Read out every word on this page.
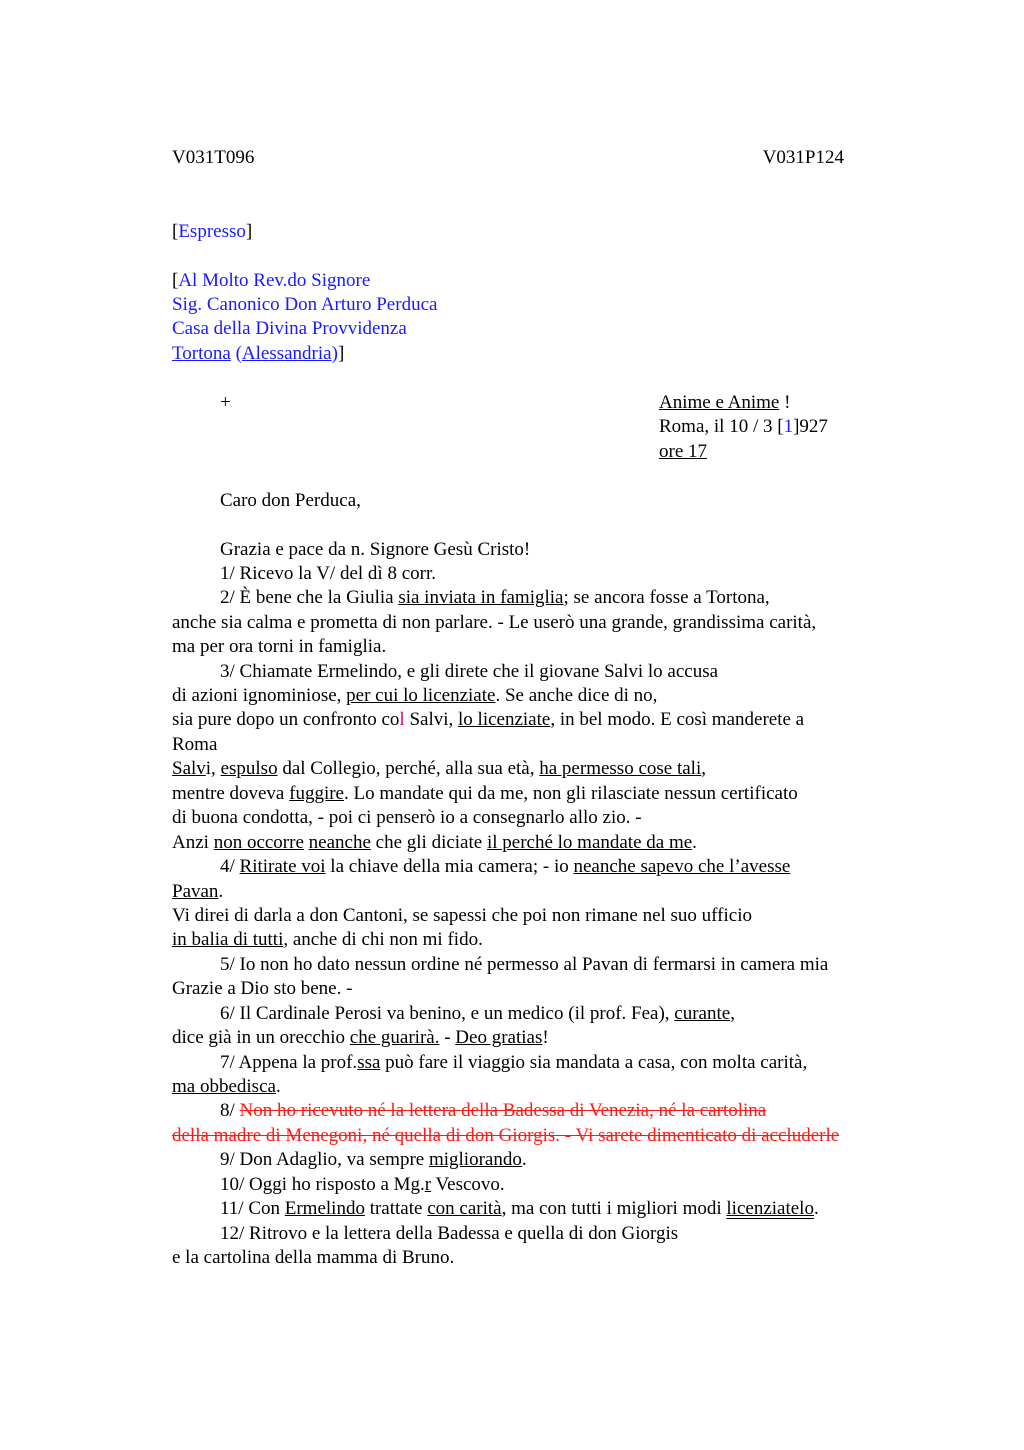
V031T096	V031P124
[Espresso]
[Al Molto Rev.do Signore
Sig. Canonico Don Arturo Perduca
Casa della Divina Provvidenza
Tortona (Alessandria)]
+	Anime e Anime !
Roma, il 10 / 3 [1]927
ore 17
Caro don Perduca,
Grazia e pace da n. Signore Gesù Cristo!
1/ Ricevo la V/ del dì 8 corr.
2/ È bene che la Giulia sia inviata in famiglia; se ancora fosse a Tortona,
anche sia calma e prometta di non parlare. - Le userò una grande, grandissima carità,
ma per ora torni in famiglia.
3/ Chiamate Ermelindo, e gli direte che il giovane Salvi lo accusa
di azioni ignominiose, per cui lo licenziate. Se anche dice di no,
sia pure dopo un confronto col Salvi, lo licenziate, in bel modo. E così manderete a
Roma
Salvi, espulso dal Collegio, perché, alla sua età, ha permesso cose tali,
mentre doveva fuggire. Lo mandate qui da me, non gli rilasciate nessun certificato
di buona condotta, - poi ci penserò io a consegnarlo allo zio. -
Anzi non occorre neanche che gli diciate il perché lo mandate da me.
4/ Ritirate voi la chiave della mia camera; - io neanche sapevo che l’avesse
Pavan.
Vi direi di darla a don Cantoni, se sapessi che poi non rimane nel suo ufficio
in balia di tutti, anche di chi non mi fido.
5/ Io non ho dato nessun ordine né permesso al Pavan di fermarsi in camera mia
Grazie a Dio sto bene. -
6/ Il Cardinale Perosi va benino, e un medico (il prof. Fea), curante,
dice già in un orecchio che guarirà. - Deo gratias!
7/ Appena la prof.ssa può fare il viaggio sia mandata a casa, con molta carità,
ma obbedisca.
8/ Non ho ricevuto né la lettera della Badessa di Venezia, né la cartolina
della madre di Menegoni, né quella di don Giorgis. - Vi sarete dimenticato di accluderle
9/ Don Adaglio, va sempre migliorando.
10/ Oggi ho risposto a Mg.r Vescovo.
11/ Con Ermelindo trattate con carità, ma con tutti i migliori modi licenziatelo.
12/ Ritrovo e la lettera della Badessa e quella di don Giorgis
e la cartolina della mamma di Bruno.
